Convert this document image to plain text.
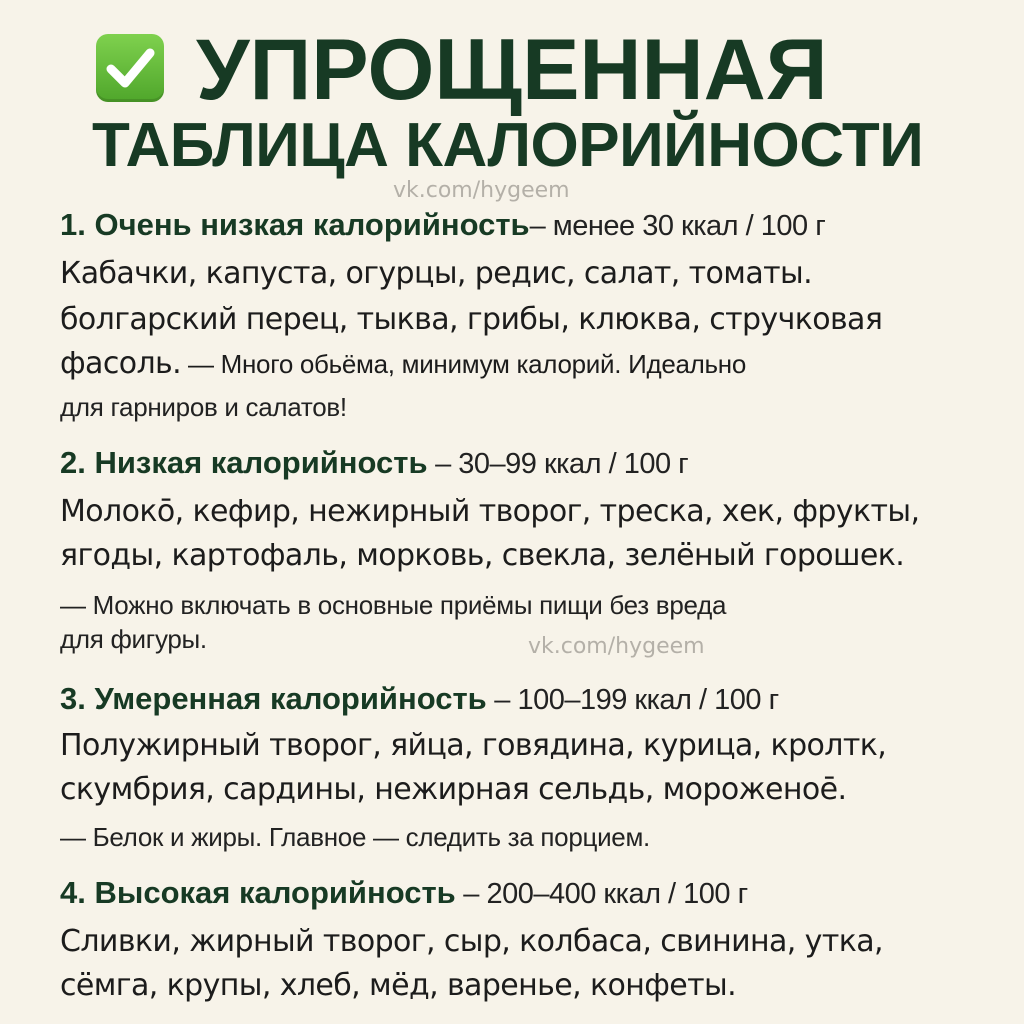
УПРОЩЕННАЯ
ТАБЛИЦА КАЛОРИЙНОСТИ
vk.com/hygeem
1. Очень низкая калорийность– менее 30 ккал / 100 г
Кабачки, капуста, огурцы, редис, салат, томаты.
болгарский перец, тыква, грибы, клюква, стручковая
фасоль. — Много обьёма, минимум калорий. Идеально
для гарниров и салатов!
2. Низкая калорийность – 30–99 ккал / 100 г
Молокō, кефир, нежирный творог, треска, хек, фрукты,
ягоды, картофаль, морковь, свекла, зелёный горошек.
— Можно включать в основные приёмы пищи без вреда
для фигуры.	vk.com/hygeem
3. Умеренная калорийность – 100–199 ккал / 100 г
Полужирный творог, яйца, говядина, курица, кролтк,
скумбрия, сардины, нежирная сельдь, мороженоē.
— Белок и жиры. Главное — следить за порцием.
4. Высокая калорийность – 200–400 ккал / 100 г
Сливки, жирный творог, сыр, колбаса, свинина, утка,
сёмга, крупы, хлеб, мёд, варенье, конфеты.
